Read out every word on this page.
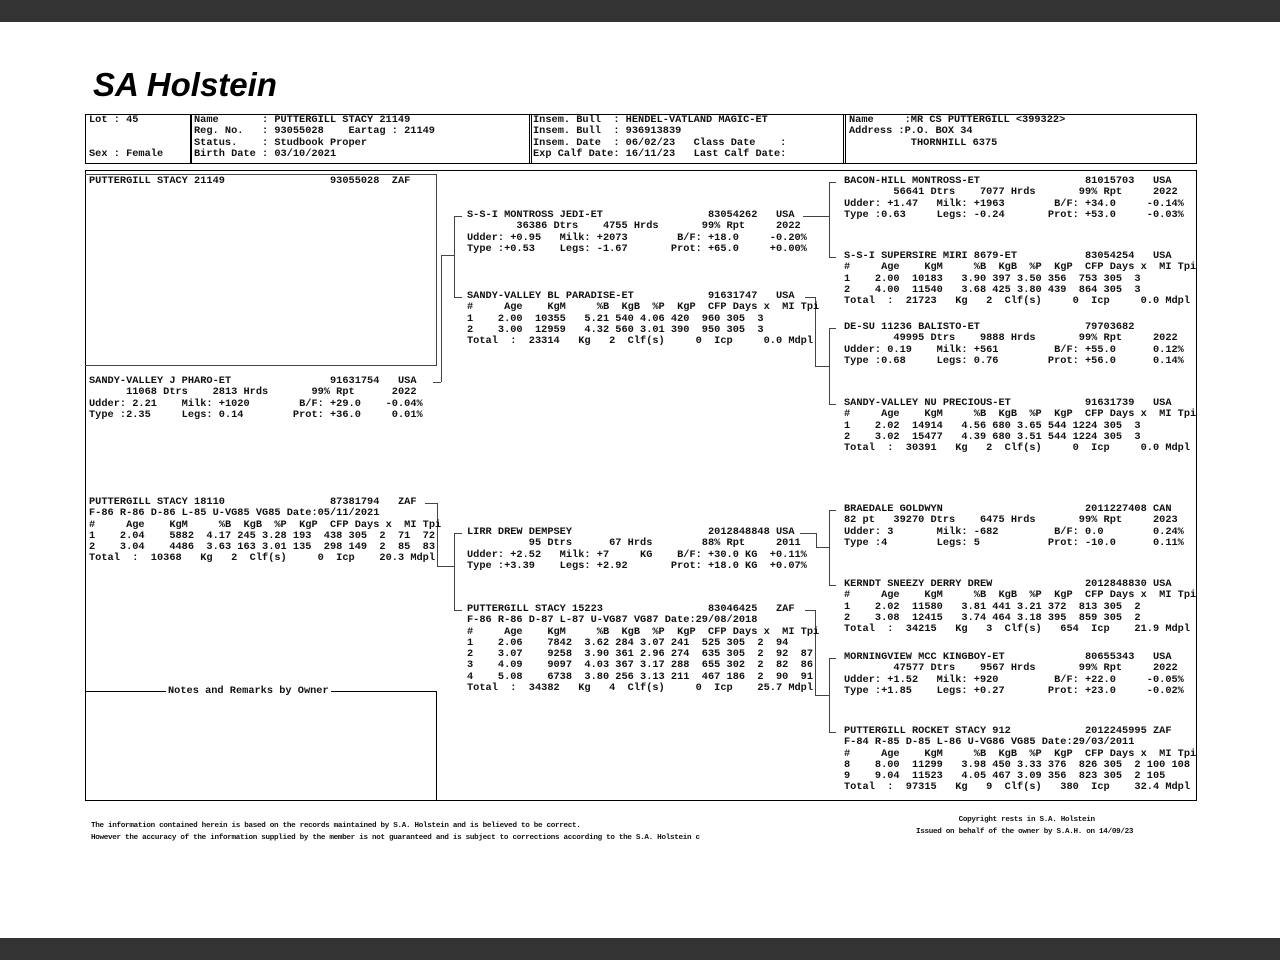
SA Holstein
Lot : 45
Sex : Female
Name       : PUTTERGILL STACY 21149
Reg. No.   : 93055028    Eartag : 21149
Status.    : Studbook Proper
Birth Date : 03/10/2021
Insem. Bull  : HENDEL-VATLAND MAGIC-ET
Insem. Bull  : 936913839
Insem. Date  : 06/02/23   Class Date    :
Exp Calf Date: 16/11/23   Last Calf Date:
Name     :MR CS PUTTERGILL <399322>
Address :P.O. BOX 34
THORNHILL 6375
Notes and Remarks by Owner
PUTTERGILL STACY 21149                 93055028  ZAF
SANDY-VALLEY J PHARO-ET                91631754   USA
11068 Dtrs    2813 Hrds       99% Rpt      2022
Udder: 2.21    Milk: +1020        B/F: +29.0    -0.04%
Type :2.35     Legs: 0.14        Prot: +36.0     0.01%
PUTTERGILL STACY 18110                 87381794   ZAF
F-86 R-86 D-86 L-85 U-VG85 VG85 Date:05/11/2021
#     Age    KgM     %B  KgB  %P  KgP  CFP Days x  MI Tpi
1    2.04    5882  4.17 245 3.28 193  438 305  2  71  72
2    3.04    4486  3.63 163 3.01 135  298 149  2  85  83
Total  :  10368   Kg   2  Clf(s)     0  Icp    20.3 Mdpl
S-S-I MONTROSS JEDI-ET                 83054262   USA
36386 Dtrs    4755 Hrds       99% Rpt     2022
Udder: +0.95   Milk: +2073        B/F: +18.0     -0.20%
Type :+0.53    Legs: -1.67       Prot: +65.0     +0.00%
SANDY-VALLEY BL PARADISE-ET            91631747   USA
#     Age    KgM     %B  KgB  %P  KgP  CFP Days x  MI Tpi
1    2.00  10355   5.21 540 4.06 420  960 305  3
2    3.00  12959   4.32 560 3.01 390  950 305  3
Total  :  23314   Kg   2  Clf(s)     0  Icp     0.0 Mdpl
LIRR DREW DEMPSEY                      2012848848 USA
95 Dtrs      67 Hrds        88% Rpt     2011
Udder: +2.52   Milk: +7     KG    B/F: +30.0 KG  +0.11%
Type :+3.39    Legs: +2.92       Prot: +18.0 KG  +0.07%
PUTTERGILL STACY 15223                 83046425   ZAF
F-86 R-86 D-87 L-87 U-VG87 VG87 Date:29/08/2018
#     Age    KgM     %B  KgB  %P  KgP  CFP Days x  MI Tpi
1    2.06    7842  3.62 284 3.07 241  525 305  2  94
2    3.07    9258  3.90 361 2.96 274  635 305  2  92  87
3    4.09    9097  4.03 367 3.17 288  655 302  2  82  86
4    5.08    6738  3.80 256 3.13 211  467 186  2  90  91
Total  :  34382   Kg   4  Clf(s)     0  Icp    25.7 Mdpl
BACON-HILL MONTROSS-ET                 81015703   USA
56641 Dtrs    7077 Hrds       99% Rpt     2022
Udder: +1.47   Milk: +1963        B/F: +34.0     -0.14%
Type :0.63     Legs: -0.24       Prot: +53.0     -0.03%
S-S-I SUPERSIRE MIRI 8679-ET           83054254   USA
#     Age    KgM     %B  KgB  %P  KgP  CFP Days x  MI Tpi
1    2.00  10183   3.90 397 3.50 356  753 305  3
2    4.00  11540   3.68 425 3.80 439  864 305  3
Total  :  21723   Kg   2  Clf(s)     0  Icp     0.0 Mdpl
DE-SU 11236 BALISTO-ET                 79703682
49995 Dtrs    9888 Hrds       99% Rpt     2022
Udder: 0.19    Milk: +561         B/F: +55.0      0.12%
Type :0.68     Legs: 0.76        Prot: +56.0      0.14%
SANDY-VALLEY NU PRECIOUS-ET            91631739   USA
#     Age    KgM     %B  KgB  %P  KgP  CFP Days x  MI Tpi
1    2.02  14914   4.56 680 3.65 544 1224 305  3
2    3.02  15477   4.39 680 3.51 544 1224 305  3
Total  :  30391   Kg   2  Clf(s)     0  Icp     0.0 Mdpl
BRAEDALE GOLDWYN                       2011227408 CAN
82 pt   39270 Dtrs    6475 Hrds       99% Rpt     2023
Udder: 3       Milk: -682         B/F: 0.0        0.24%
Type :4        Legs: 5           Prot: -10.0      0.11%
KERNDT SNEEZY DERRY DREW               2012848830 USA
#     Age    KgM     %B  KgB  %P  KgP  CFP Days x  MI Tpi
1    2.02  11580   3.81 441 3.21 372  813 305  2
2    3.08  12415   3.74 464 3.18 395  859 305  2
Total  :  34215   Kg   3  Clf(s)   654  Icp    21.9 Mdpl
MORNINGVIEW MCC KINGBOY-ET             80655343   USA
47577 Dtrs    9567 Hrds       99% Rpt     2022
Udder: +1.52   Milk: +920         B/F: +22.0     -0.05%
Type :+1.85    Legs: +0.27       Prot: +23.0     -0.02%
PUTTERGILL ROCKET STACY 912            2012245995 ZAF
F-84 R-85 D-85 L-86 U-VG86 VG85 Date:29/03/2011
#     Age    KgM     %B  KgB  %P  KgP  CFP Days x  MI Tpi
8    8.00  11299   3.98 450 3.33 376  826 305  2 100 108
9    9.04  11523   4.05 467 3.09 356  823 305  2 105
Total  :  97315   Kg   9  Clf(s)   380  Icp    32.4 Mdpl
The information contained herein is based on the records maintained by S.A. Holstein and is believed to be correct.
However the accuracy of the information supplied by the member is not guaranteed and is subject to corrections according to the S.A. Holstein c
Copyright rests in S.A. Holstein
Issued on behalf of the owner by S.A.H. on 14/09/23
